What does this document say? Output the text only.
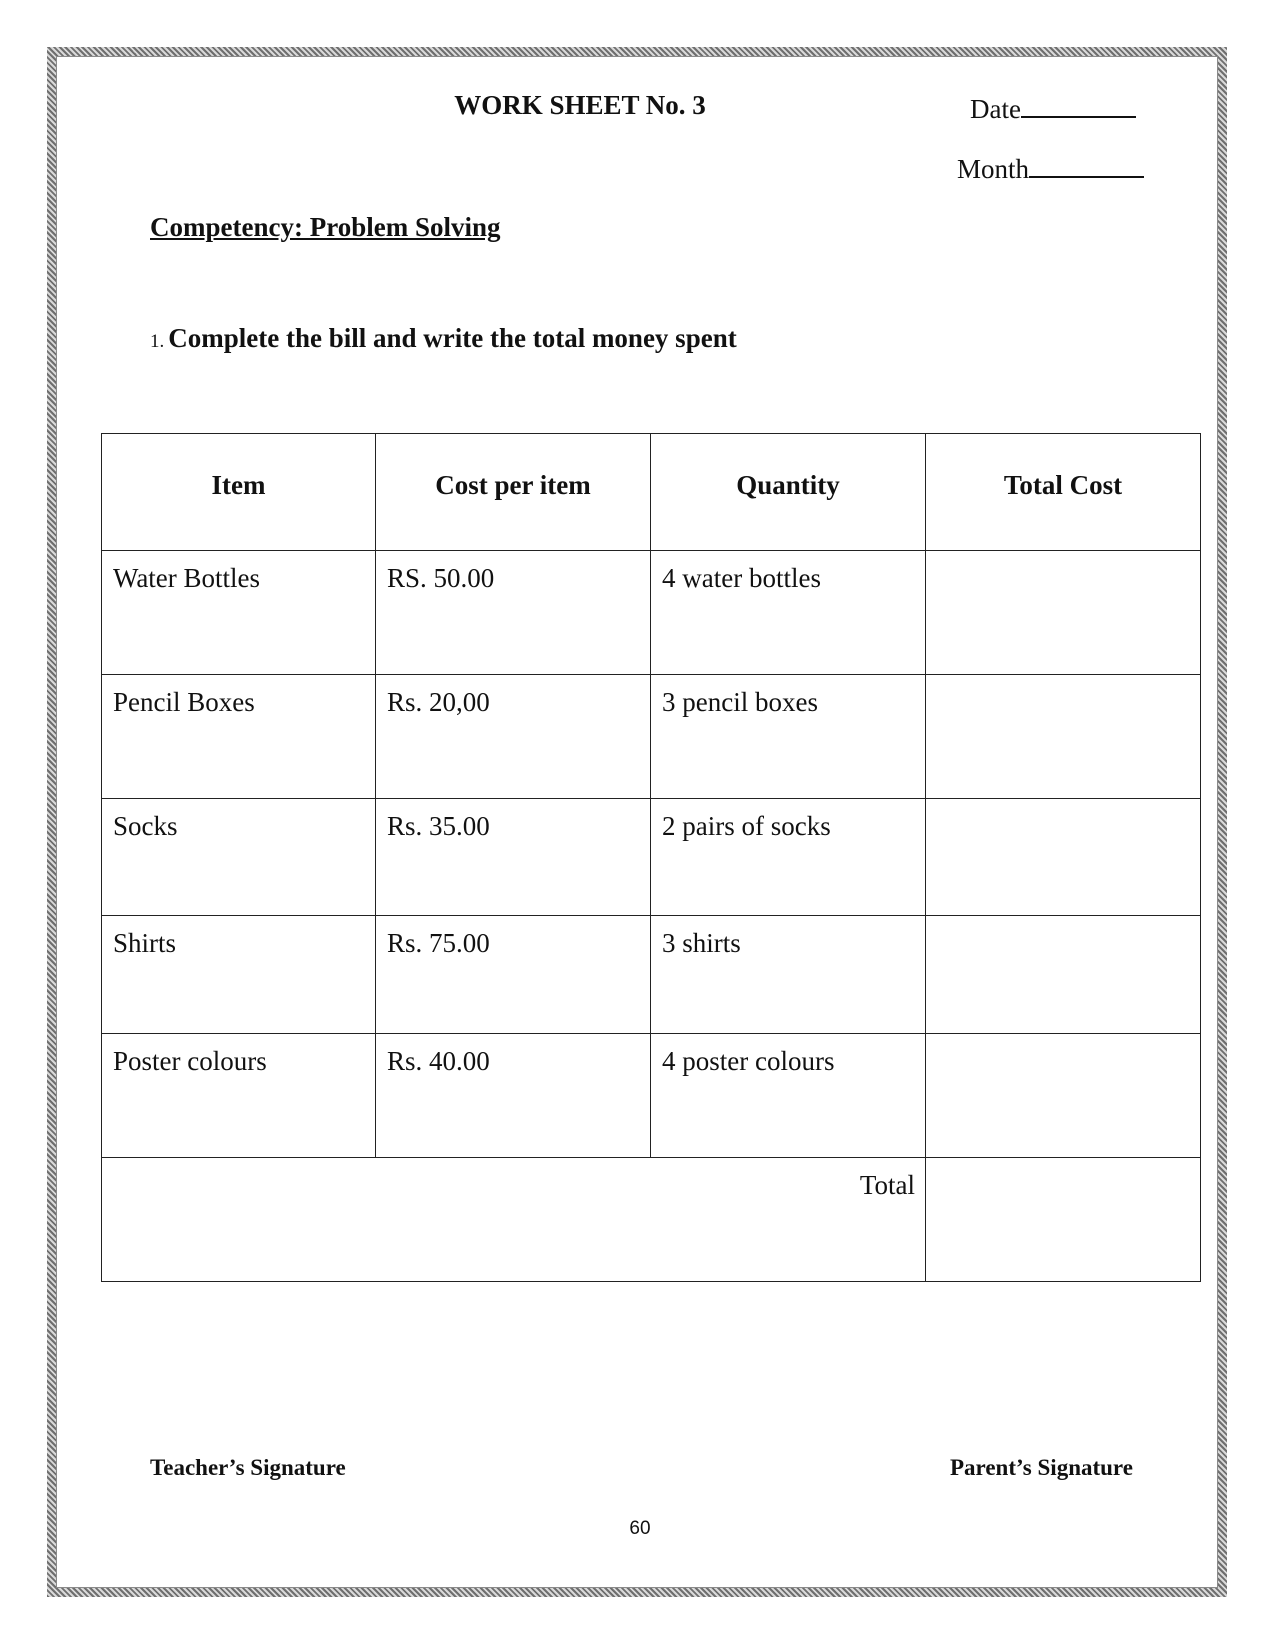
WORK SHEET No. 3	Date
Month
Competency: Problem Solving
1. Complete the bill and write the total money spent
Item	Cost per item	Quantity	Total Cost
Water Bottles	RS. 50.00	4 water bottles	
Pencil Boxes	Rs. 20,00	3 pencil boxes	
Socks	Rs. 35.00	2 pairs of socks	
Shirts	Rs. 75.00	3 shirts	
Poster colours	Rs. 40.00	4 poster colours	
Total			
Teacher’s Signature	Parent’s Signature
60
